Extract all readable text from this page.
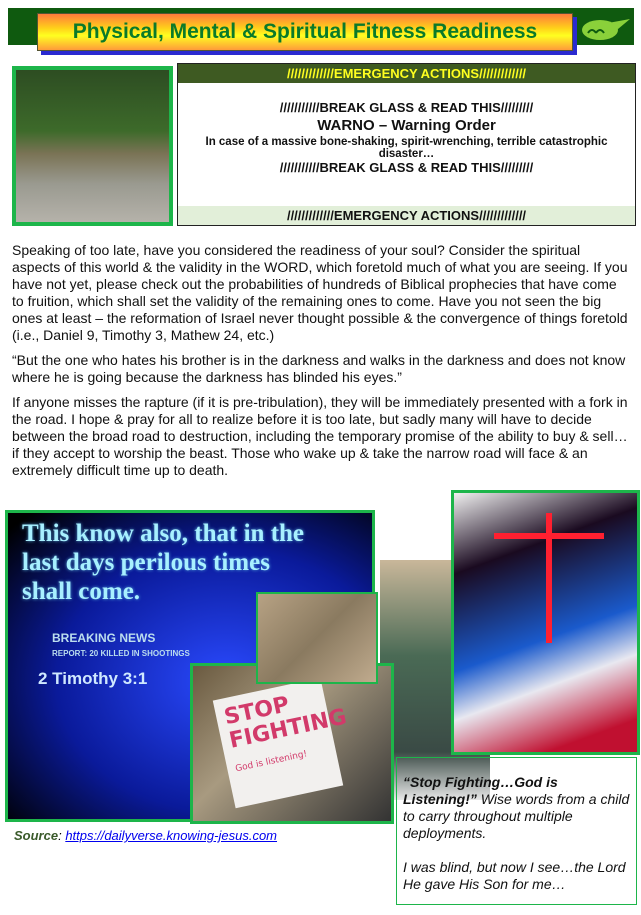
Physical, Mental & Spiritual Fitness Readiness
/////////////EMERGENCY ACTIONS/////////////

///////////BREAK GLASS & READ THIS/////////

WARNO – Warning Order

In case of a massive bone-shaking, spirit-wrenching, terrible catastrophic disaster…

///////////BREAK GLASS & READ THIS/////////

/////////////EMERGENCY ACTIONS/////////////

Speaking of too late, have you considered the readiness of your soul? Consider the spiritual aspects of this world & the validity in the WORD, which foretold much of what you are seeing. If you have not yet, please check out the probabilities of hundreds of Biblical prophecies that have come to fruition, which shall set the validity of the remaining ones to come. Have you not seen the big ones at least – the reformation of Israel never thought possible & the convergence of things foretold (i.e., Daniel 9, Timothy 3, Mathew 24, etc.)

“But the one who hates his brother is in the darkness and walks in the darkness and does not know where he is going because the darkness has blinded his eyes.”

If anyone misses the rapture (if it is pre-tribulation), they will be immediately presented with a fork in the road. I hope & pray for all to realize before it is too late, but sadly many will have to decide between the broad road to destruction, including the temporary promise of the ability to buy & sell…if they accept to worship the beast. Those who wake up & take the narrow road will face & an extremely difficult time up to death.

This know also, that in the last days perilous times shall come.
BREAKING NEWS
REPORT: 20 KILLED IN SHOOTINGS
2 Timothy 3:1
Source: https://dailyverse.knowing-jesus.com
STOP FIGHTING
God is listening!

“Stop Fighting…God is Listening!” Wise words from a child to carry throughout multiple deployments.

I was blind, but now I see…the Lord He gave His Son for me…
